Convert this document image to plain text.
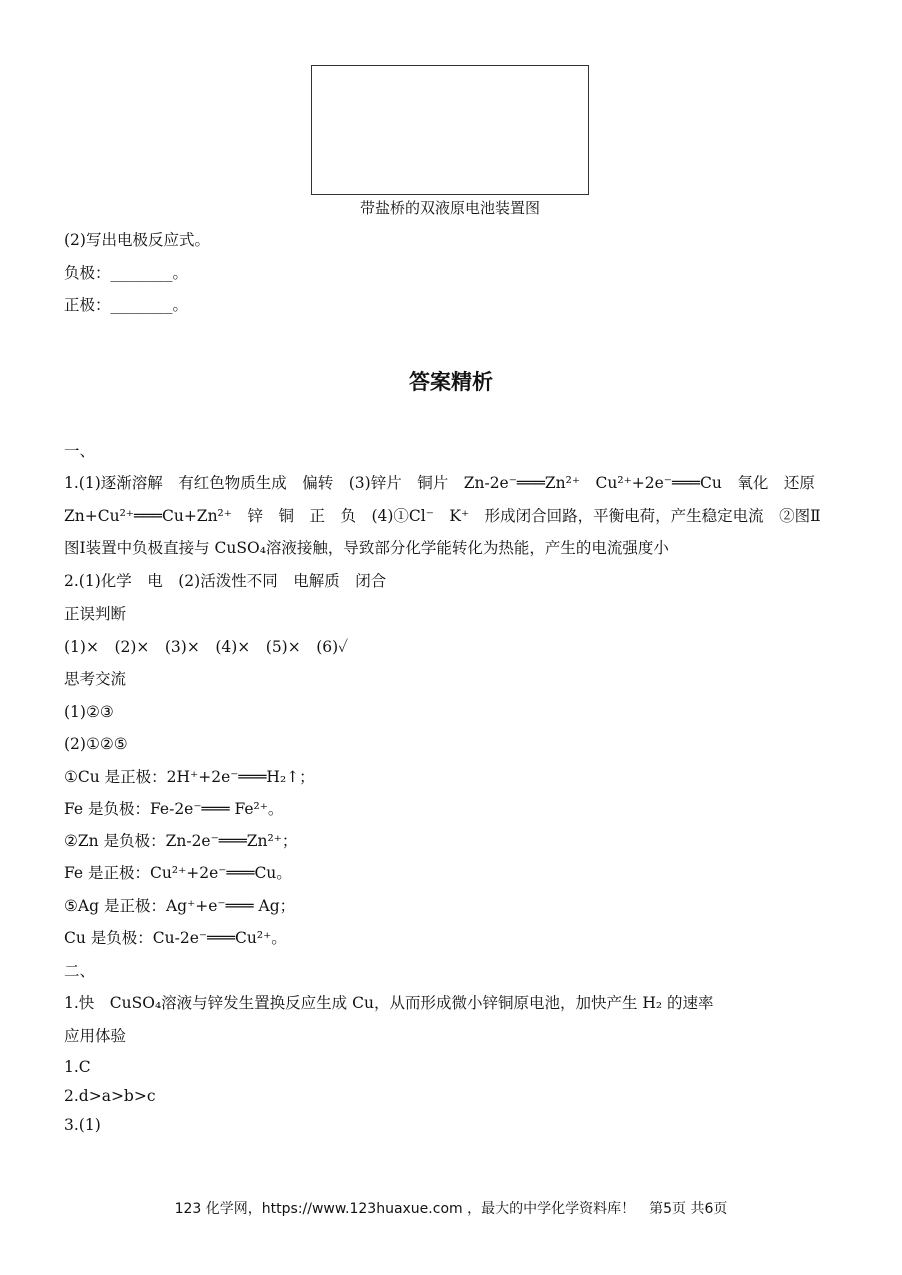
带盐桥的双液原电池装置图
(2)写出电极反应式。
负极：________。
正极：________。
答案精析
一、
1.(1)逐渐溶解　有红色物质生成　偏转　(3)锌片　铜片　Zn-2e⁻═══Zn²⁺　Cu²⁺+2e⁻═══Cu　氧化　还原
Zn+Cu²⁺═══Cu+Zn²⁺　锌　铜　正　负　(4)①Cl⁻　K⁺　形成闭合回路，平衡电荷，产生稳定电流　②图Ⅱ
图Ⅰ装置中负极直接与 CuSO₄溶液接触，导致部分化学能转化为热能，产生的电流强度小
2.(1)化学　电　(2)活泼性不同　电解质　闭合
正误判断
(1)×　(2)×　(3)×　(4)×　(5)×　(6)✓
思考交流
(1)②③
(2)①②⑤
①Cu 是正极：2H⁺+2e⁻═══H₂↑；
Fe 是负极：Fe-2e⁻═══ Fe²⁺。
②Zn 是负极：Zn-2e⁻═══Zn²⁺；
Fe 是正极：Cu²⁺+2e⁻═══Cu。
⑤Ag 是正极：Ag⁺+e⁻═══ Ag；
Cu 是负极：Cu-2e⁻═══Cu²⁺。
二、
1.快　CuSO₄溶液与锌发生置换反应生成 Cu，从而形成微小锌铜原电池，加快产生 H₂ 的速率
应用体验
1.C
2.d>a>b>c
3.(1)
123 化学网，https://www.123huaxue.com ，最大的中学化学资料库！　第5页 共6页
